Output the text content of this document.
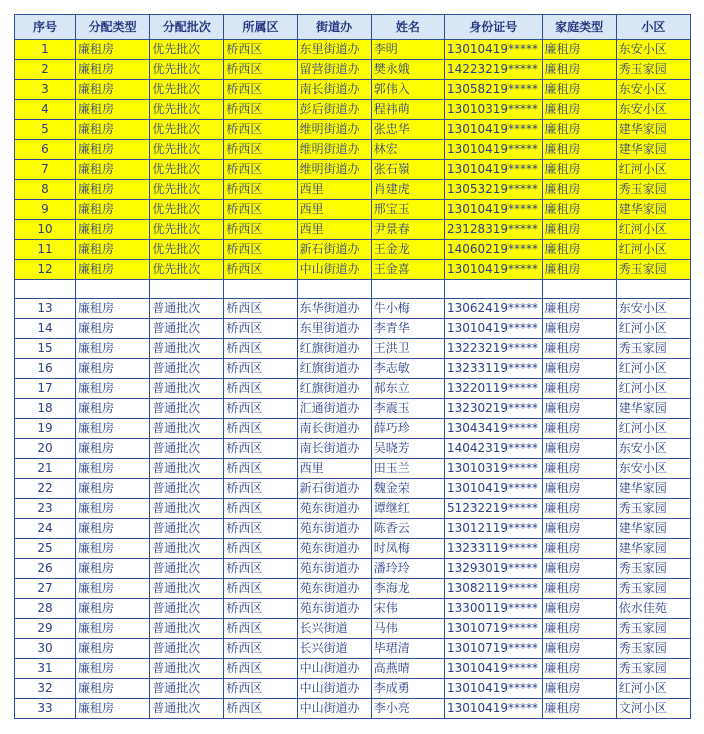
序号	分配类型	分配批次	所属区	街道办	姓名	身份证号	家庭类型	小区
1	廉租房	优先批次	桥西区	东里街道办	李明	13010419*****	廉租房	东安小区
2	廉租房	优先批次	桥西区	留营街道办	樊永娥	14223219*****	廉租房	秀玉家园
3	廉租房	优先批次	桥西区	南长街道办	郭伟入	13058219*****	廉租房	东安小区
4	廉租房	优先批次	桥西区	彭后街道办	程祎萌	13010319*****	廉租房	东安小区
5	廉租房	优先批次	桥西区	维明街道办	张忠华	13010419*****	廉租房	建华家园
6	廉租房	优先批次	桥西区	维明街道办	林宏	13010419*****	廉租房	建华家园
7	廉租房	优先批次	桥西区	维明街道办	张石嶺	13010419*****	廉租房	红河小区
8	廉租房	优先批次	桥西区	西里	肖建虎	13053219*****	廉租房	秀玉家园
9	廉租房	优先批次	桥西区	西里	邢宝玉	13010419*****	廉租房	建华家园
10	廉租房	优先批次	桥西区	西里	尹景春	23128319*****	廉租房	红河小区
11	廉租房	优先批次	桥西区	新石街道办	王金龙	14060219*****	廉租房	红河小区
12	廉租房	优先批次	桥西区	中山街道办	王金喜	13010419*****	廉租房	秀玉家园

13	廉租房	普通批次	桥西区	东华街道办	牛小梅	13062419*****	廉租房	东安小区
14	廉租房	普通批次	桥西区	东里街道办	李青华	13010419*****	廉租房	红河小区
15	廉租房	普通批次	桥西区	红旗街道办	王洪卫	13223219*****	廉租房	秀玉家园
16	廉租房	普通批次	桥西区	红旗街道办	李志敏	13233119*****	廉租房	红河小区
17	廉租房	普通批次	桥西区	红旗街道办	郝东立	13220119*****	廉租房	红河小区
18	廉租房	普通批次	桥西区	汇通街道办	李震玉	13230219*****	廉租房	建华家园
19	廉租房	普通批次	桥西区	南长街道办	薛巧珍	13043419*****	廉租房	红河小区
20	廉租房	普通批次	桥西区	南长街道办	吴晓芳	14042319*****	廉租房	东安小区
21	廉租房	普通批次	桥西区	西里	田玉兰	13010319*****	廉租房	东安小区
22	廉租房	普通批次	桥西区	新石街道办	魏金荣	13010419*****	廉租房	建华家园
23	廉租房	普通批次	桥西区	苑东街道办	谭继红	51232219*****	廉租房	秀玉家园
24	廉租房	普通批次	桥西区	苑东街道办	陈香云	13012119*****	廉租房	建华家园
25	廉租房	普通批次	桥西区	苑东街道办	时凤梅	13233119*****	廉租房	建华家园
26	廉租房	普通批次	桥西区	苑东街道办	潘玲玲	13293019*****	廉租房	秀玉家园
27	廉租房	普通批次	桥西区	苑东街道办	李海龙	13082119*****	廉租房	秀玉家园
28	廉租房	普通批次	桥西区	苑东街道办	宋伟	13300119*****	廉租房	依水佳苑
29	廉租房	普通批次	桥西区	长兴街道	马伟	13010719*****	廉租房	秀玉家园
30	廉租房	普通批次	桥西区	长兴街道	毕珺清	13010719*****	廉租房	秀玉家园
31	廉租房	普通批次	桥西区	中山街道办	高燕晴	13010419*****	廉租房	秀玉家园
32	廉租房	普通批次	桥西区	中山街道办	李成勇	13010419*****	廉租房	红河小区
33	廉租房	普通批次	桥西区	中山街道办	李小亮	13010419*****	廉租房	文河小区
